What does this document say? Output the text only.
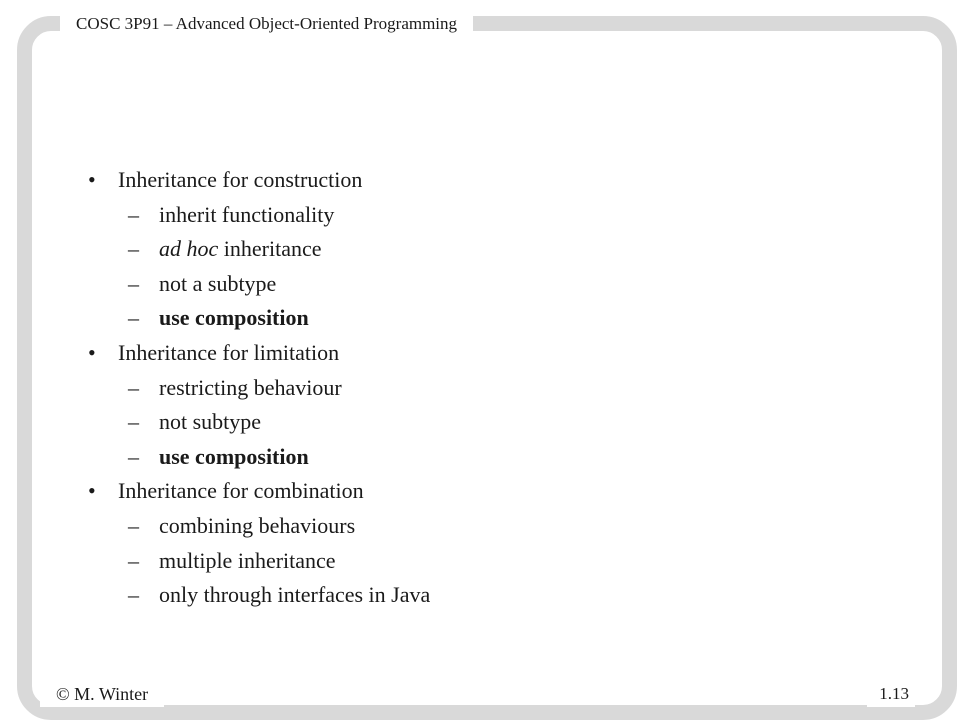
COSC 3P91 – Advanced Object-Oriented Programming
• Inheritance for construction
– inherit functionality
– ad hoc inheritance
– not a subtype
– use composition
• Inheritance for limitation
– restricting behaviour
– not subtype
– use composition
• Inheritance for combination
– combining behaviours
– multiple inheritance
– only through interfaces in Java
© M. Winter	1.13
